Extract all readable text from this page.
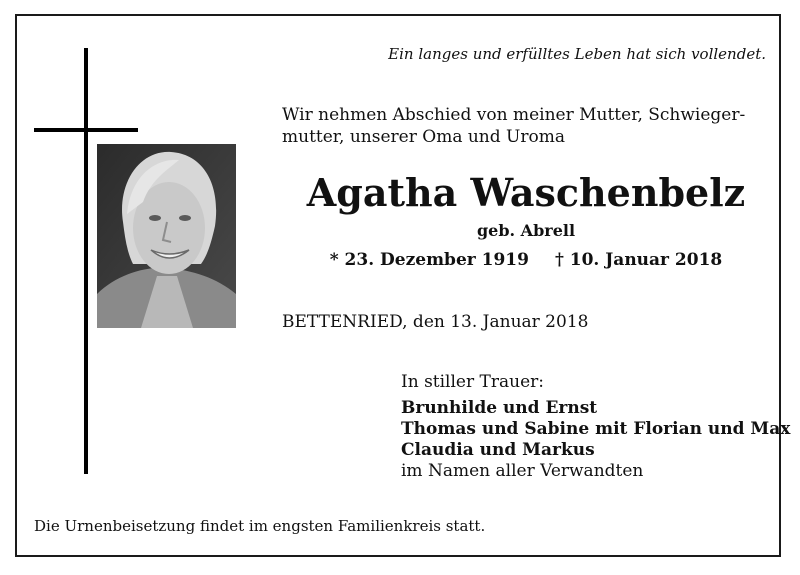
Ein langes und erfülltes Leben hat sich vollendet.
Wir nehmen Abschied von meiner Mutter, Schwieger-
mutter, unserer Oma und Uroma
Agatha Waschenbelz
geb. Abrell
* 23. Dezember 1919 † 10. Januar 2018
BETTENRIED, den 13. Januar 2018
In stiller Trauer:
Brunhilde und Ernst
Thomas und Sabine mit Florian und Max
Claudia und Markus
im Namen aller Verwandten
Die Urnenbeisetzung findet im engsten Familienkreis statt.
